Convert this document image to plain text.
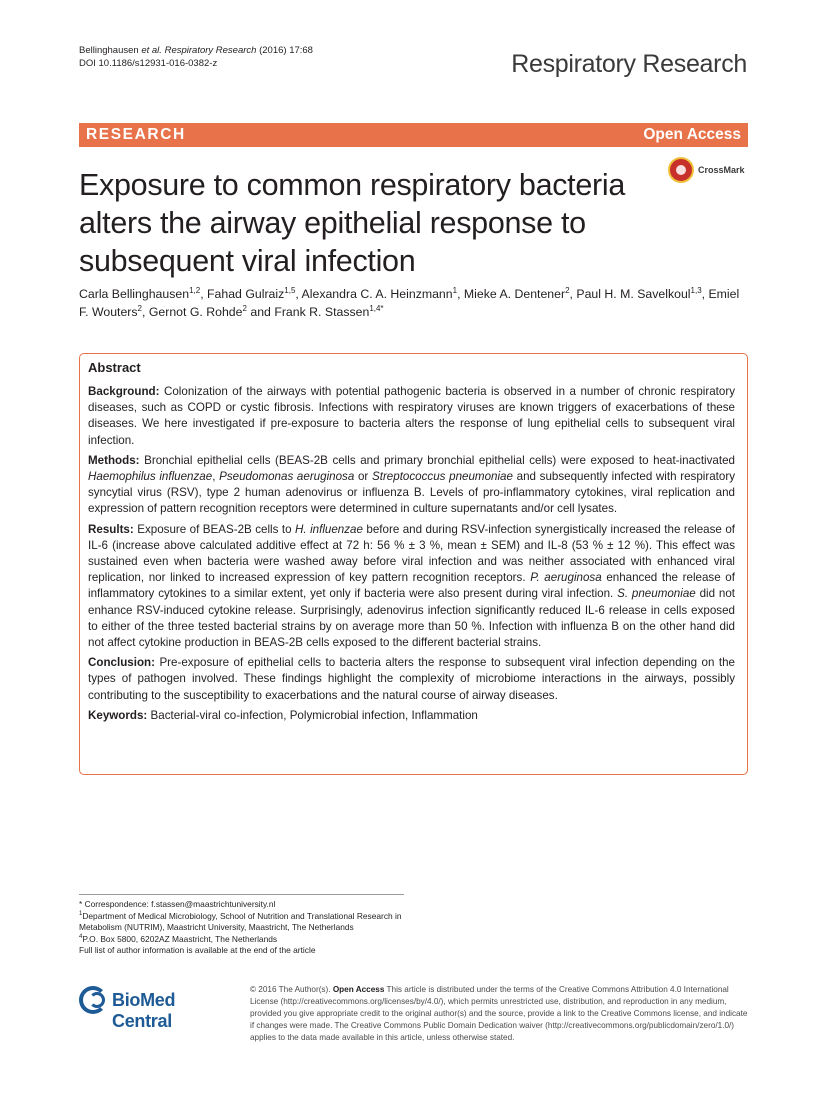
Bellinghausen et al. Respiratory Research (2016) 17:68
DOI 10.1186/s12931-016-0382-z	Respiratory Research
RESEARCH	Open Access
CrossMark
Exposure to common respiratory bacteria alters the airway epithelial response to subsequent viral infection
Carla Bellinghausen$^{1,2}$, Fahad Gulraiz$^{1,5}$, Alexandra C. A. Heinzmann$^1$, Mieke A. Dentener$^2$, Paul H. M. Savelkoul$^{1,3}$, Emiel F. Wouters$^2$, Gernot G. Rohde$^2$ and Frank R. Stassen$^{1,4*}$
Abstract

Background: Colonization of the airways with potential pathogenic bacteria is observed in a number of chronic respiratory diseases, such as COPD or cystic fibrosis. Infections with respiratory viruses are known triggers of exacerbations of these diseases. We here investigated if pre-exposure to bacteria alters the response of lung epithelial cells to subsequent viral infection.

Methods: Bronchial epithelial cells (BEAS-2B cells and primary bronchial epithelial cells) were exposed to heat-inactivated Haemophilus influenzae, Pseudomonas aeruginosa or Streptococcus pneumoniae and subsequently infected with respiratory syncytial virus (RSV), type 2 human adenovirus or influenza B. Levels of pro-inflammatory cytokines, viral replication and expression of pattern recognition receptors were determined in culture supernatants and/or cell lysates.

Results: Exposure of BEAS-2B cells to H. influenzae before and during RSV-infection synergistically increased the release of IL-6 (increase above calculated additive effect at 72 h: 56 % ± 3 %, mean ± SEM) and IL-8 (53 % ± 12 %). This effect was sustained even when bacteria were washed away before viral infection and was neither associated with enhanced viral replication, nor linked to increased expression of key pattern recognition receptors. P. aeruginosa enhanced the release of inflammatory cytokines to a similar extent, yet only if bacteria were also present during viral infection. S. pneumoniae did not enhance RSV-induced cytokine release. Surprisingly, adenovirus infection significantly reduced IL-6 release in cells exposed to either of the three tested bacterial strains by on average more than 50 %. Infection with influenza B on the other hand did not affect cytokine production in BEAS-2B cells exposed to the different bacterial strains.

Conclusion: Pre-exposure of epithelial cells to bacteria alters the response to subsequent viral infection depending on the types of pathogen involved. These findings highlight the complexity of microbiome interactions in the airways, possibly contributing to the susceptibility to exacerbations and the natural course of airway diseases.

Keywords: Bacterial-viral co-infection, Polymicrobial infection, Inflammation

* Correspondence: f.stassen@maastrichtuniversity.nl
$^1$Department of Medical Microbiology, School of Nutrition and Translational Research in Metabolism (NUTRIM), Maastricht University, Maastricht, The Netherlands
$^4$P.O. Box 5800, 6202AZ Maastricht, The Netherlands
Full list of author information is available at the end of the article
BioMed Central
© 2016 The Author(s). Open Access This article is distributed under the terms of the Creative Commons Attribution 4.0 International License (http://creativecommons.org/licenses/by/4.0/), which permits unrestricted use, distribution, and reproduction in any medium, provided you give appropriate credit to the original author(s) and the source, provide a link to the Creative Commons license, and indicate if changes were made. The Creative Commons Public Domain Dedication waiver (http://creativecommons.org/publicdomain/zero/1.0/) applies to the data made available in this article, unless otherwise stated.
